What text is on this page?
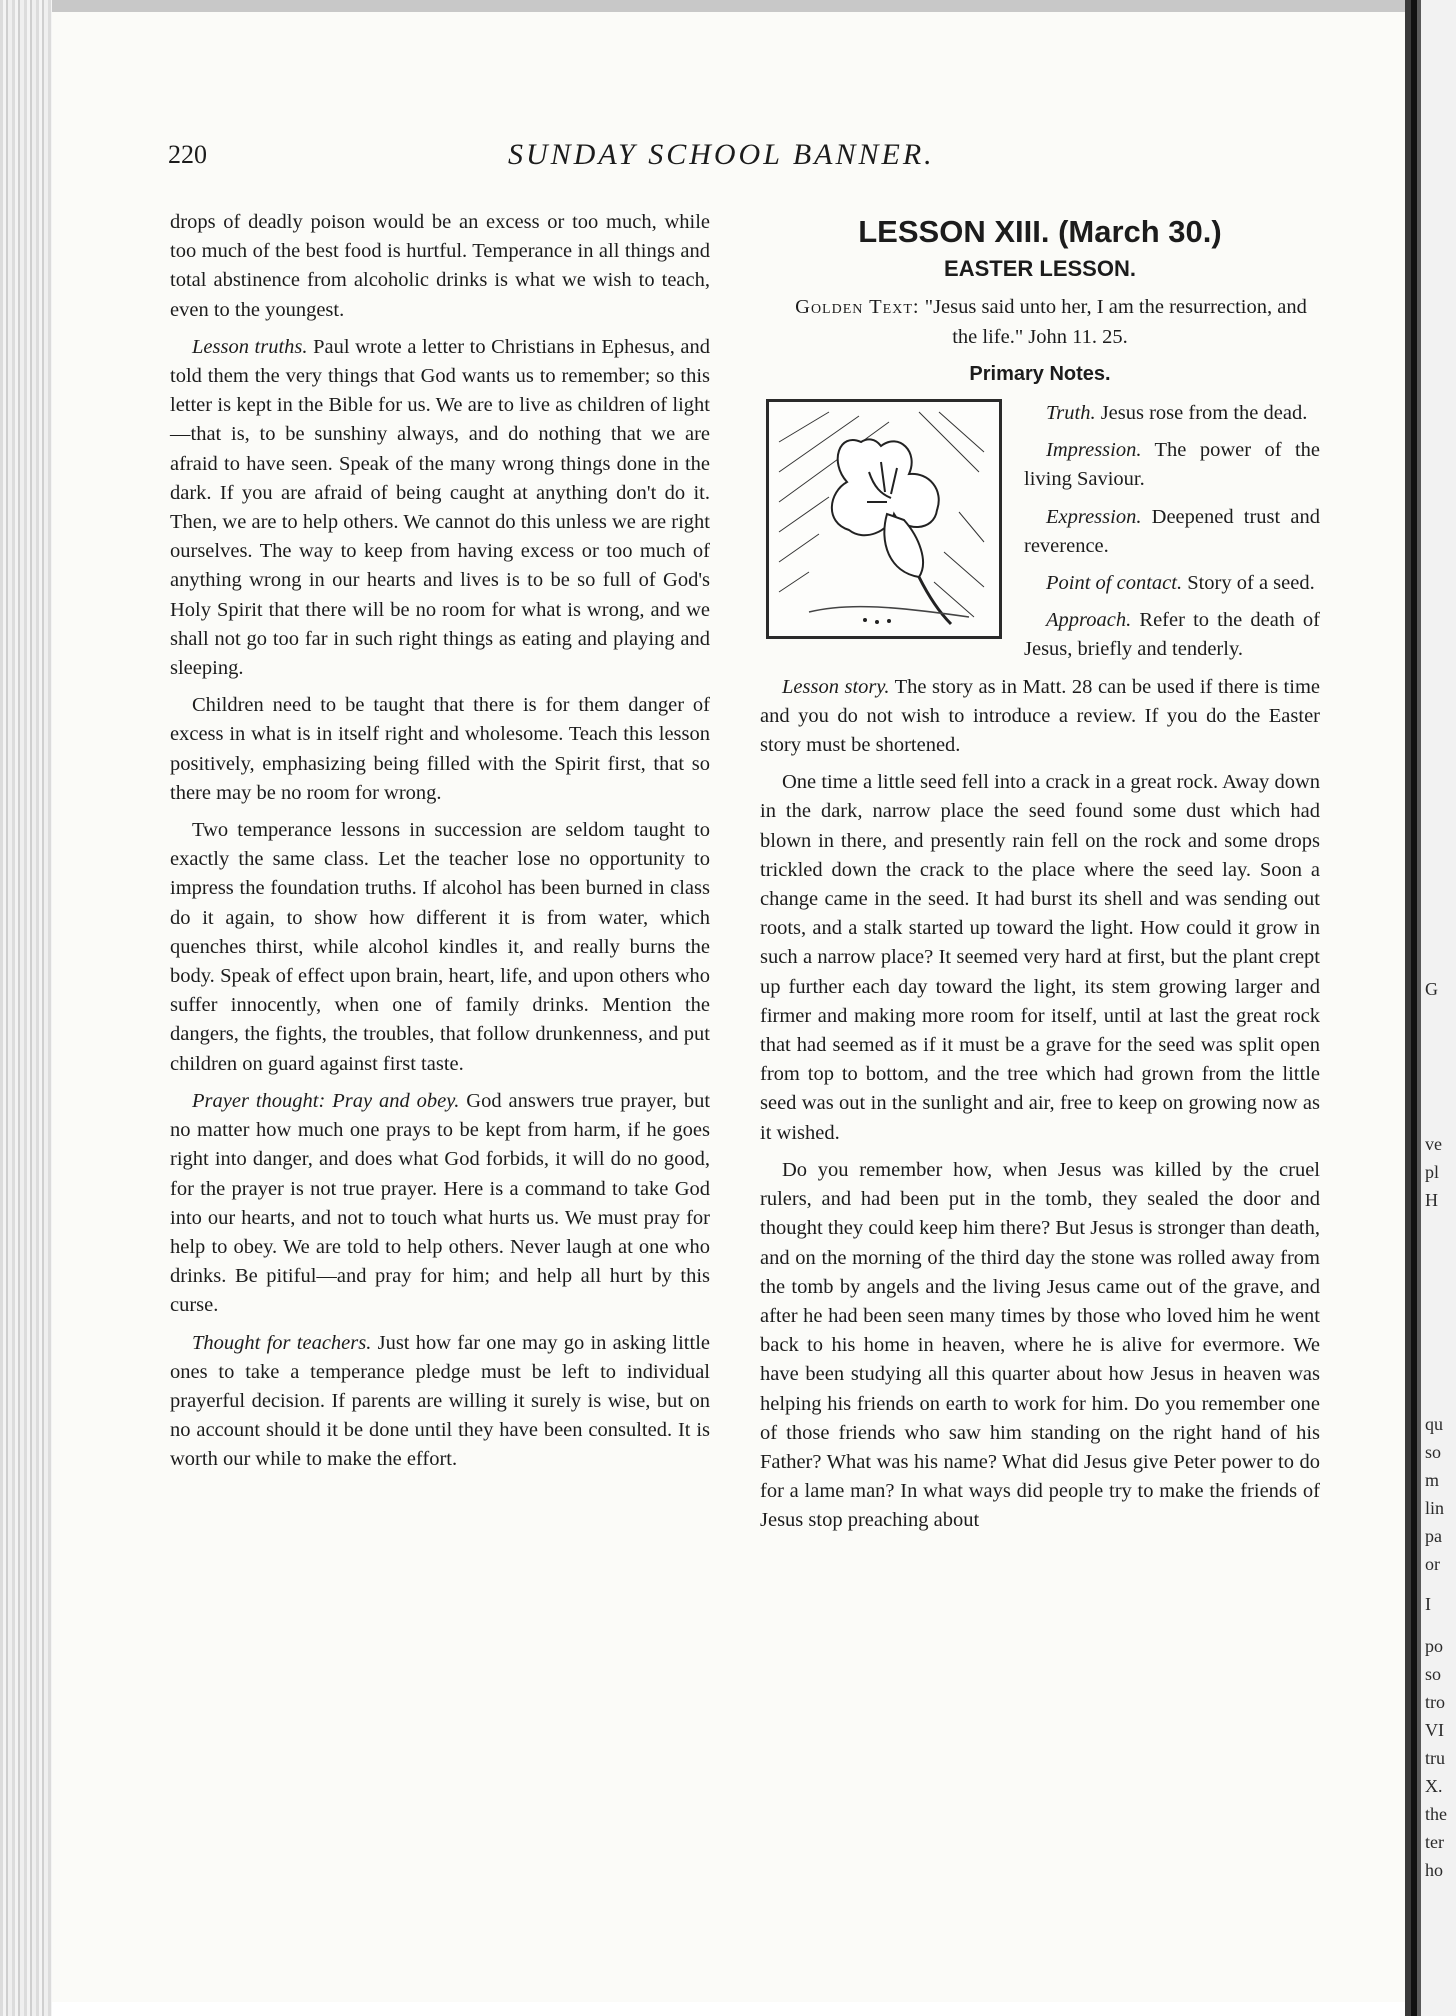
220	SUNDAY SCHOOL BANNER.

drops of deadly poison would be an excess or too much, while too much of the best food is hurtful. Temperance in all things and total abstinence from alcoholic drinks is what we wish to teach, even to the youngest.

Lesson truths. Paul wrote a letter to Christians in Ephesus, and told them the very things that God wants us to remember; so this letter is kept in the Bible for us. We are to live as children of light—that is, to be sunshiny always, and do nothing that we are afraid to have seen. Speak of the many wrong things done in the dark. If you are afraid of being caught at anything don't do it. Then, we are to help others. We cannot do this unless we are right ourselves. The way to keep from having excess or too much of anything wrong in our hearts and lives is to be so full of God's Holy Spirit that there will be no room for what is wrong, and we shall not go too far in such right things as eating and playing and sleeping.

Children need to be taught that there is for them danger of excess in what is in itself right and wholesome. Teach this lesson positively, emphasizing being filled with the Spirit first, that so there may be no room for wrong.

Two temperance lessons in succession are seldom taught to exactly the same class. Let the teacher lose no opportunity to impress the foundation truths. If alcohol has been burned in class do it again, to show how different it is from water, which quenches thirst, while alcohol kindles it, and really burns the body. Speak of effect upon brain, heart, life, and upon others who suffer innocently, when one of family drinks. Mention the dangers, the fights, the troubles, that follow drunkenness, and put children on guard against first taste.

Prayer thought: Pray and obey. God answers true prayer, but no matter how much one prays to be kept from harm, if he goes right into danger, and does what God forbids, it will do no good, for the prayer is not true prayer. Here is a command to take God into our hearts, and not to touch what hurts us. We must pray for help to obey. We are told to help others. Never laugh at one who drinks. Be pitiful—and pray for him; and help all hurt by this curse.

Thought for teachers. Just how far one may go in asking little ones to take a temperance pledge must be left to individual prayerful decision. If parents are willing it surely is wise, but on no account should it be done until they have been consulted. It is worth our while to make the effort.

LESSON XIII. (March 30.)
EASTER LESSON.

Golden Text: "Jesus said unto her, I am the resurrection, and the life." John 11. 25.

Primary Notes.

Truth. Jesus rose from the dead.

Impression. The power of the living Saviour.

Expression. Deepened trust and reverence.

Point of contact. Story of a seed.

Approach. Refer to the death of Jesus, briefly and tenderly.

Lesson story. The story as in Matt. 28 can be used if there is time and you do not wish to introduce a review. If you do the Easter story must be shortened.

One time a little seed fell into a crack in a great rock. Away down in the dark, narrow place the seed found some dust which had blown in there, and presently rain fell on the rock and some drops trickled down the crack to the place where the seed lay. Soon a change came in the seed. It had burst its shell and was sending out roots, and a stalk started up toward the light. How could it grow in such a narrow place? It seemed very hard at first, but the plant crept up further each day toward the light, its stem growing larger and firmer and making more room for itself, until at last the great rock that had seemed as if it must be a grave for the seed was split open from top to bottom, and the tree which had grown from the little seed was out in the sunlight and air, free to keep on growing now as it wished.

Do you remember how, when Jesus was killed by the cruel rulers, and had been put in the tomb, they sealed the door and thought they could keep him there? But Jesus is stronger than death, and on the morning of the third day the stone was rolled away from the tomb by angels and the living Jesus came out of the grave, and after he had been seen many times by those who loved him he went back to his home in heaven, where he is alive for evermore. We have been studying all this quarter about how Jesus in heaven was helping his friends on earth to work for him. Do you remember one of those friends who saw him standing on the right hand of his Father? What was his name? What did Jesus give Peter power to do for a lame man? In what ways did people try to make the friends of Jesus stop preaching about

G
ve
pl
H
qu
so
m
lin
pa
or
I
po
so
tro
VI
tru
X.
the
ter
ho
